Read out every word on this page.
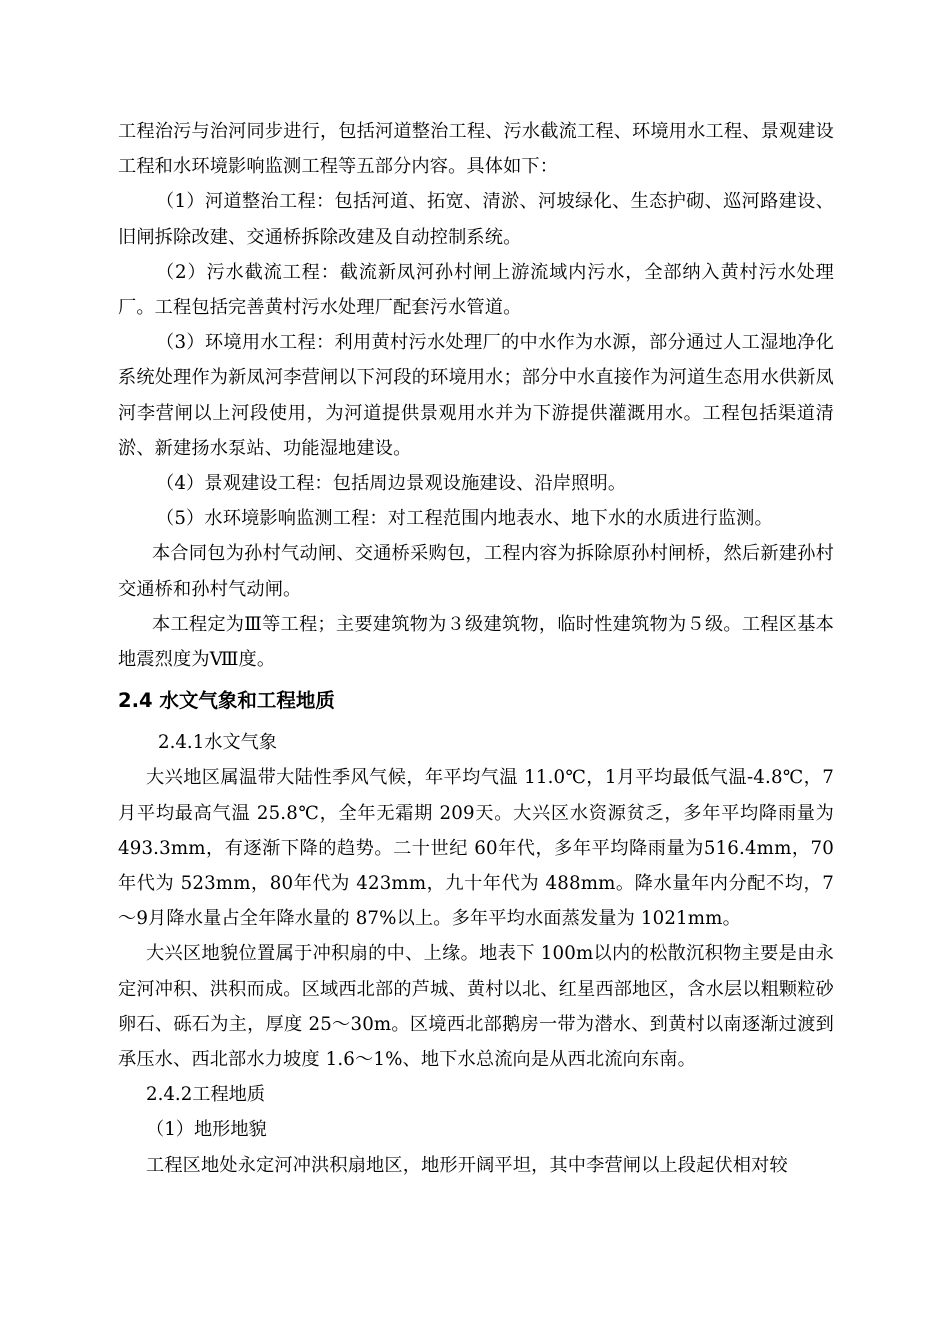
工程治污与治河同步进行，包括河道整治工程、污水截流工程、环境用水工程、景观建设工程和水环境影响监测工程等五部分内容。具体如下：

（1）河道整治工程：包括河道、拓宽、清淤、河坡绿化、生态护砌、巡河路建设、旧闸拆除改建、交通桥拆除改建及自动控制系统。

（2）污水截流工程：截流新凤河孙村闸上游流域内污水，全部纳入黄村污水处理厂。工程包括完善黄村污水处理厂配套污水管道。

（3）环境用水工程：利用黄村污水处理厂的中水作为水源，部分通过人工湿地净化系统处理作为新凤河李营闸以下河段的环境用水；部分中水直接作为河道生态用水供新凤河李营闸以上河段使用，为河道提供景观用水并为下游提供灌溉用水。工程包括渠道清淤、新建扬水泵站、功能湿地建设。

（4）景观建设工程：包括周边景观设施建设、沿岸照明。

（5）水环境影响监测工程：对工程范围内地表水、地下水的水质进行监测。

本合同包为孙村气动闸、交通桥采购包，工程内容为拆除原孙村闸桥，然后新建孙村交通桥和孙村气动闸。

本工程定为Ⅲ等工程；主要建筑物为３级建筑物，临时性建筑物为５级。工程区基本地震烈度为Ⅷ度。

2.4 水文气象和工程地质

2.4.1水文气象

大兴地区属温带大陆性季风气候，年平均气温 11.0℃，1月平均最低气温-4.8℃，7月平均最高气温 25.8℃，全年无霜期 209天。大兴区水资源贫乏，多年平均降雨量为 493.3mm，有逐渐下降的趋势。二十世纪 60年代，多年平均降雨量为516.4mm，70年代为 523mm，80年代为 423mm，九十年代为 488mm。降水量年内分配不均，7～9月降水量占全年降水量的 87%以上。多年平均水面蒸发量为 1021mm。

大兴区地貌位置属于冲积扇的中、上缘。地表下 100m以内的松散沉积物主要是由永定河冲积、洪积而成。区域西北部的芦城、黄村以北、红星西部地区，含水层以粗颗粒砂卵石、砾石为主，厚度 25～30m。区境西北部鹅房一带为潜水、到黄村以南逐渐过渡到承压水、西北部水力坡度 1.6～1%、地下水总流向是从西北流向东南。

2.4.2工程地质

（1）地形地貌

工程区地处永定河冲洪积扇地区，地形开阔平坦，其中李营闸以上段起伏相对较
